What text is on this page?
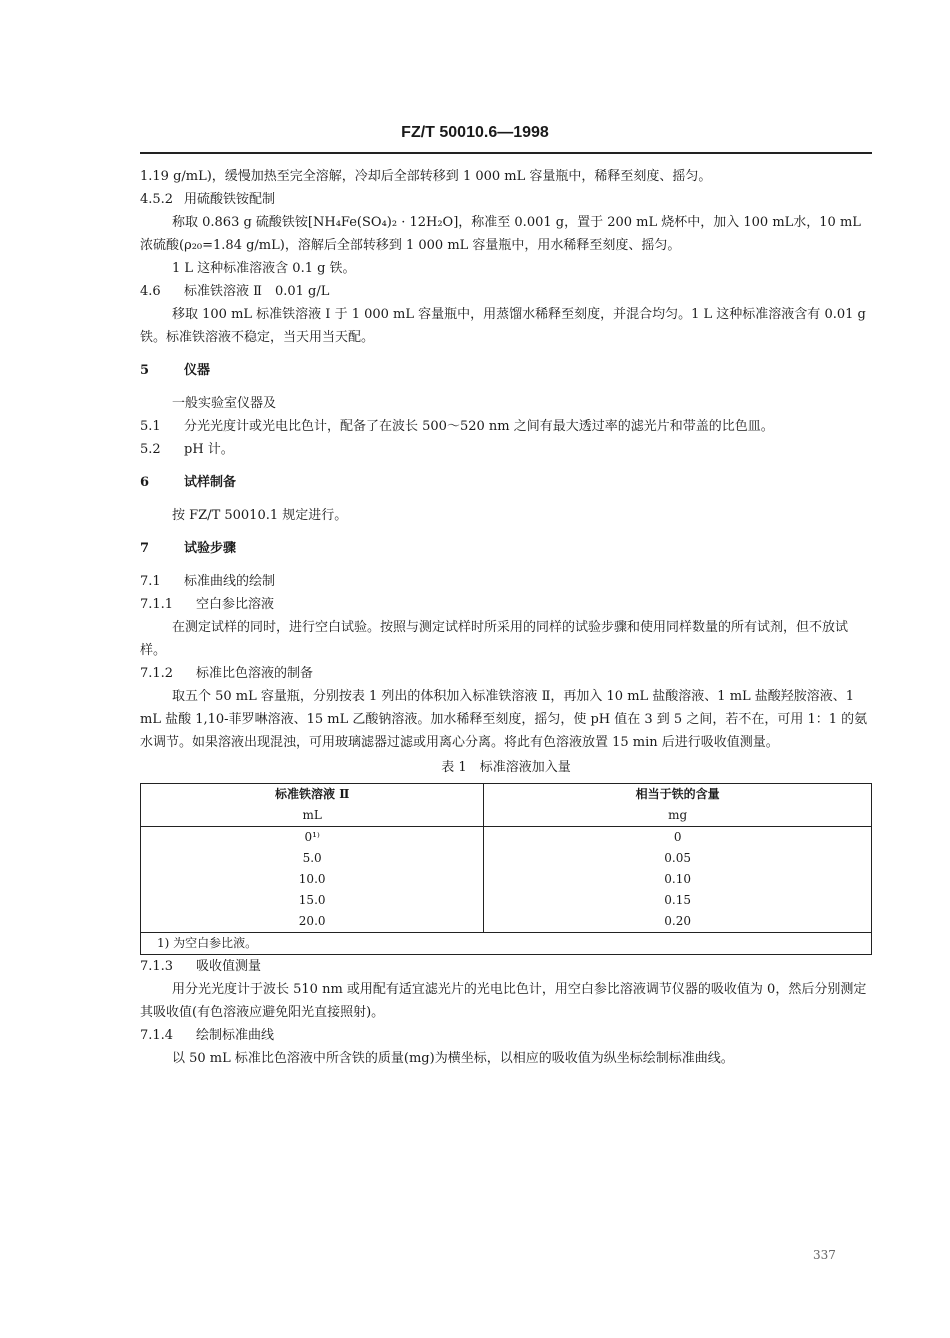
FZ/T 50010.6—1998

1.19 g/mL)，缓慢加热至完全溶解，冷却后全部转移到 1 000 mL 容量瓶中，稀释至刻度、摇匀。

4.5.2 用硫酸铁铵配制

称取 0.863 g 硫酸铁铵[NH₄Fe(SO₄)₂ · 12H₂O]，称准至 0.001 g，置于 200 mL 烧杯中，加入 100 mL水，10 mL 浓硫酸(ρ₂₀=1.84 g/mL)，溶解后全部转移到 1 000 mL 容量瓶中，用水稀释至刻度、摇匀。

1 L 这种标准溶液含 0.1 g 铁。

4.6 标准铁溶液 Ⅱ　0.01 g/L

移取 100 mL 标准铁溶液 Ⅰ 于 1 000 mL 容量瓶中，用蒸馏水稀释至刻度，并混合均匀。1 L 这种标准溶液含有 0.01 g 铁。标准铁溶液不稳定，当天用当天配。

5	仪器

一般实验室仪器及

5.1 分光光度计或光电比色计，配备了在波长 500～520 nm 之间有最大透过率的滤光片和带盖的比色皿。

5.2 pH 计。

6	试样制备

按 FZ/T 50010.1 规定进行。

7	试验步骤

7.1 标准曲线的绘制

7.1.1 空白参比溶液

在测定试样的同时，进行空白试验。按照与测定试样时所采用的同样的试验步骤和使用同样数量的所有试剂，但不放试样。

7.1.2 标准比色溶液的制备

取五个 50 mL 容量瓶，分别按表 1 列出的体积加入标准铁溶液 Ⅱ，再加入 10 mL 盐酸溶液、1 mL 盐酸羟胺溶液、1 mL 盐酸 1,10-菲罗啉溶液、15 mL 乙酸钠溶液。加水稀释至刻度，摇匀，使 pH 值在 3 到 5 之间，若不在，可用 1：1 的氨水调节。如果溶液出现混浊，可用玻璃滤器过滤或用离心分离。将此有色溶液放置 15 min 后进行吸收值测量。

表 1　标准溶液加入量

标准铁溶液 Ⅱ	相当于铁的含量
mL	mg
0¹⁾	0
5.0	0.05
10.0	0.10
15.0	0.15
20.0	0.20
1) 为空白参比液。	

7.1.3 吸收值测量

用分光光度计于波长 510 nm 或用配有适宜滤光片的光电比色计，用空白参比溶液调节仪器的吸收值为 0，然后分别测定其吸收值(有色溶液应避免阳光直接照射)。

7.1.4 绘制标准曲线

以 50 mL 标准比色溶液中所含铁的质量(mg)为横坐标，以相应的吸收值为纵坐标绘制标准曲线。

337
